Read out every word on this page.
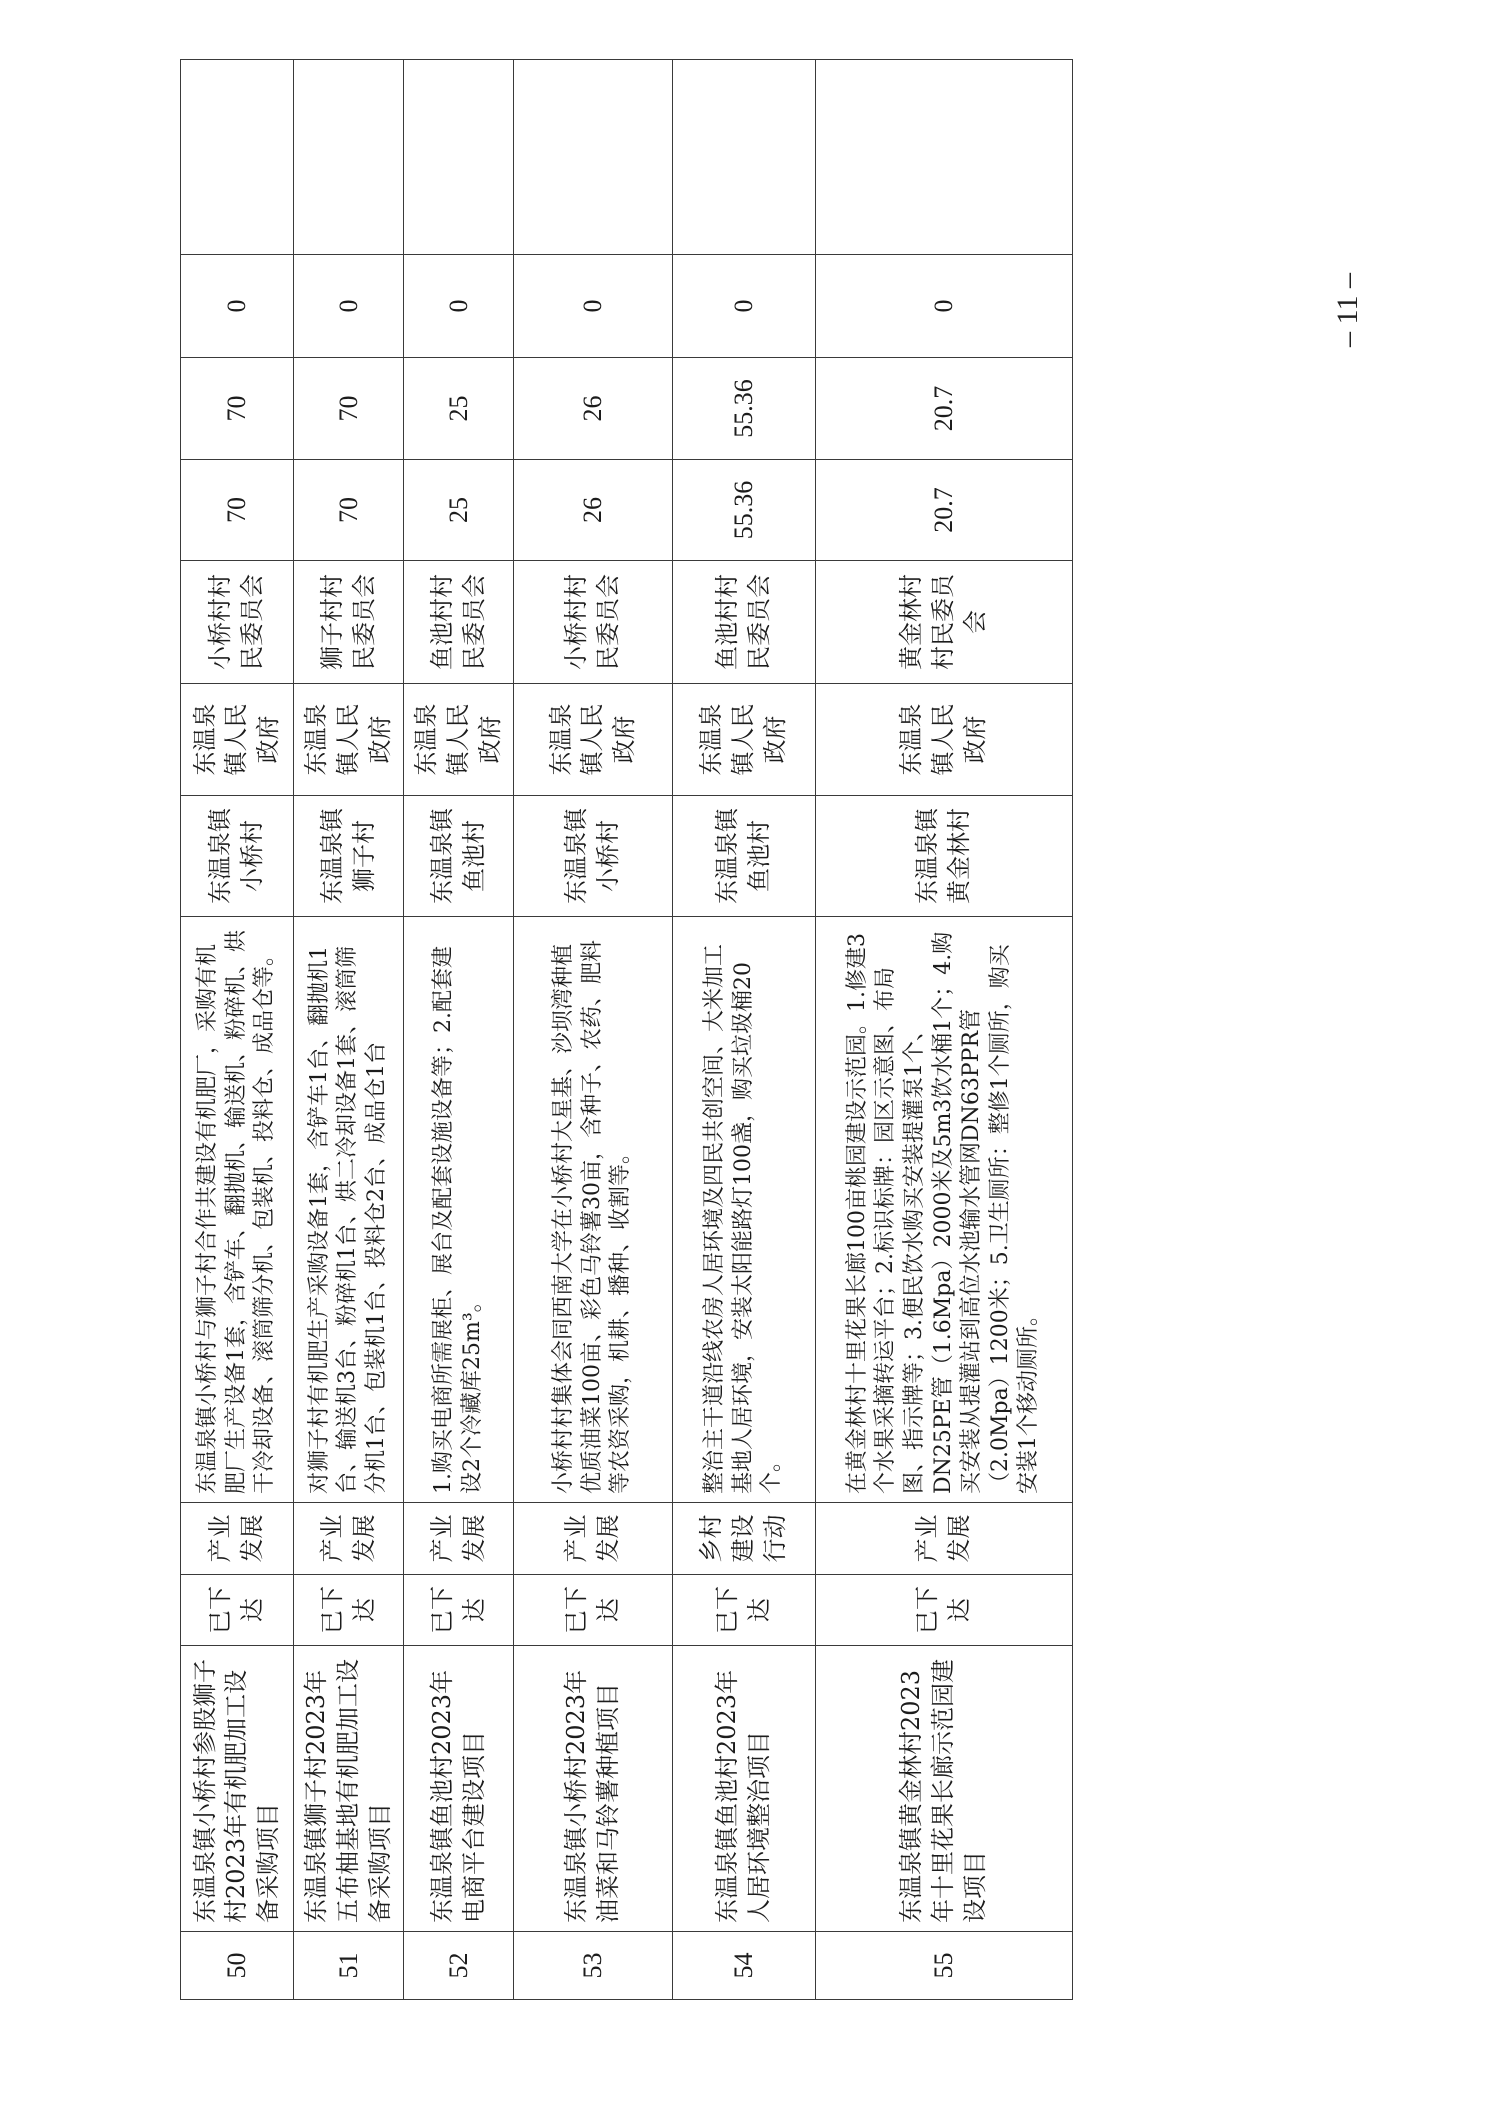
50	东温泉镇小桥村参股狮子村2023年有机肥加工设备采购项目	已下达	产业发展	东温泉镇小桥村与狮子村合作共建设有机肥厂，采购有机肥厂生产设备1套，含铲车、翻抛机、输送机、粉碎机、烘干冷却设备、滚筒筛分机、包装机、投料仓、成品仓等。	东温泉镇小桥村	东温泉镇人民政府	小桥村村民委员会	70	70	0	
51	东温泉镇狮子村2023年五布柚基地有机肥加工设备采购项目	已下达	产业发展	对狮子村有机肥生产采购设备1套，含铲车1台、翻抛机1台、输送机3台、粉碎机1台、烘二冷却设备1套、滚筒筛分机1台、包装机1台、投料仓2台、成品仓1台	东温泉镇狮子村	东温泉镇人民政府	狮子村村民委员会	70	70	0	
52	东温泉镇鱼池村2023年电商平台建设项目	已下达	产业发展	1.购买电商所需展柜、展台及配套设施设备等；2.配套建设2个冷藏库25m³。	东温泉镇鱼池村	东温泉镇人民政府	鱼池村村民委员会	25	25	0	
53	东温泉镇小桥村2023年油菜和马铃薯种植项目	已下达	产业发展	小桥村村集体会同西南大学在小桥村大星基、沙坝湾种植优质油菜100亩、彩色马铃薯30亩，含种子、农药、肥料等农资采购，机耕、播种、收割等。	东温泉镇小桥村	东温泉镇人民政府	小桥村村民委员会	26	26	0	
54	东温泉镇鱼池村2023年人居环境整治项目	已下达	乡村建设行动	整治主干道沿线农房人居环境及四民共创空间、大米加工基地人居环境，安装太阳能路灯100盏，购买垃圾桶20个。	东温泉镇鱼池村	东温泉镇人民政府	鱼池村村民委员会	55.36	55.36	0	
55	东温泉镇黄金林村2023年十里花果长廊示范园建设项目	已下达	产业发展	在黄金林村十里花果长廊100亩桃园建设示范园。1.修建3个水果采摘转运平台；2.标识标牌：园区示意图、布局图、指示牌等；3.便民饮水购买安装提灌泵1个、DN25PE管（1.6Mpa）2000米及5m3饮水桶1个；4.购买安装从提灌站到高位水池输水管网DN63PPR管（2.0Mpa）1200米；5.卫生厕所：整修1个厕所，购买安装1个移动厕所。	东温泉镇黄金林村	东温泉镇人民政府	黄金林村村民委员会	20.7	20.7	0		– 11 –
